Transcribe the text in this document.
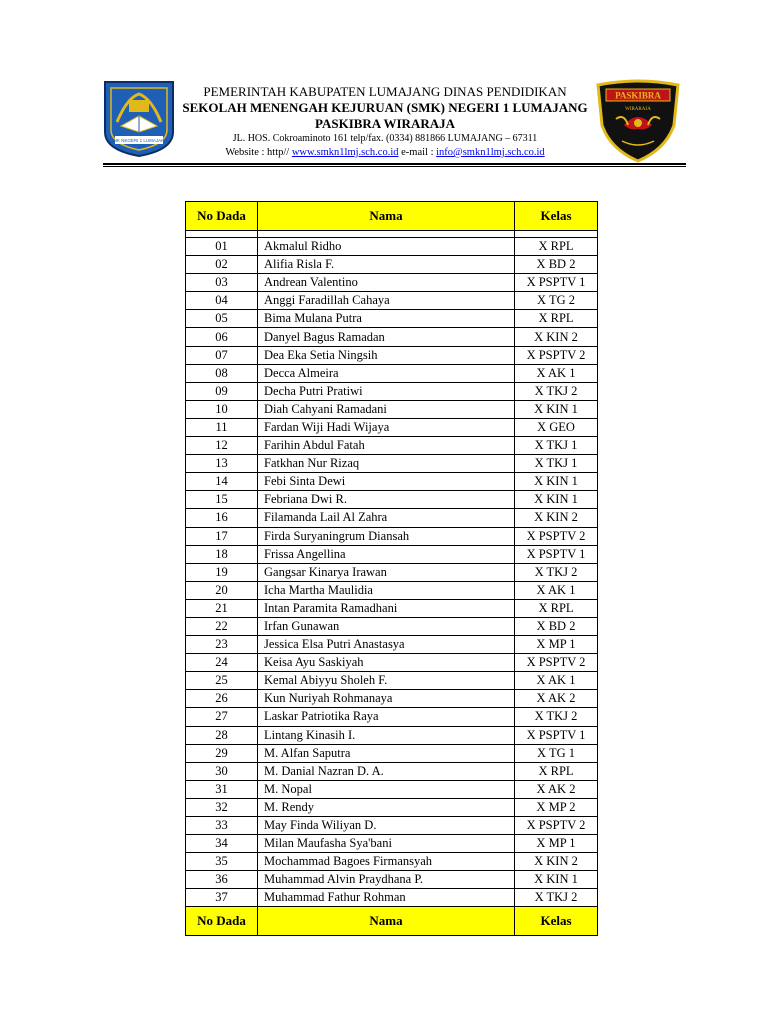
SMK NEGERI 1 LUMAJANG
PEMERINTAH KABUPATEN LUMAJANG DINAS PENDIDIKAN
SEKOLAH MENENGAH KEJURUAN (SMK) NEGERI 1 LUMAJANG
PASKIBRA WIRARAJA
JL. HOS. Cokroaminoto 161 telp/fax. (0334) 881866 LUMAJANG – 67311
Website : http// www.smkn1lmj.sch.co.id e-mail : info@smkn1lmj.sch.co.id
PASKIBRA
WIRARAJA
No Dada	Nama	Kelas

01	Akmalul Ridho	X RPL
02	Alifia Risla F.	X BD 2
03	Andrean Valentino	X PSPTV 1
04	Anggi Faradillah Cahaya	X TG 2
05	Bima Mulana Putra	X RPL
06	Danyel Bagus Ramadan	X KIN 2
07	Dea Eka Setia Ningsih	X PSPTV 2
08	Decca Almeira	X AK 1
09	Decha Putri Pratiwi	X TKJ 2
10	Diah Cahyani Ramadani	X KIN 1
11	Fardan Wiji Hadi Wijaya	X GEO
12	Farihin Abdul Fatah	X TKJ 1
13	Fatkhan Nur Rizaq	X TKJ 1
14	Febi Sinta Dewi	X KIN 1
15	Febriana Dwi R.	X KIN 1
16	Filamanda Lail Al Zahra	X KIN 2
17	Firda Suryaningrum Diansah	X PSPTV 2
18	Frissa Angellina	X PSPTV 1
19	Gangsar Kinarya Irawan	X TKJ 2
20	Icha Martha Maulidia	X AK 1
21	Intan Paramita Ramadhani	X RPL
22	Irfan Gunawan	X BD 2
23	Jessica Elsa Putri Anastasya	X MP 1
24	Keisa Ayu Saskiyah	X PSPTV 2
25	Kemal Abiyyu Sholeh F.	X AK 1
26	Kun Nuriyah Rohmanaya	X AK 2
27	Laskar Patriotika Raya	X TKJ 2
28	Lintang Kinasih I.	X PSPTV 1
29	M. Alfan Saputra	X TG 1
30	M. Danial Nazran D. A.	X RPL
31	M. Nopal	X AK 2
32	M. Rendy	X MP 2
33	May Finda Wiliyan D.	X PSPTV 2
34	Milan Maufasha Sya'bani	X MP 1
35	Mochammad Bagoes Firmansyah	X KIN 2
36	Muhammad Alvin Praydhana P.	X KIN 1
37	Muhammad Fathur Rohman	X TKJ 2
No Dada	Nama	Kelas
